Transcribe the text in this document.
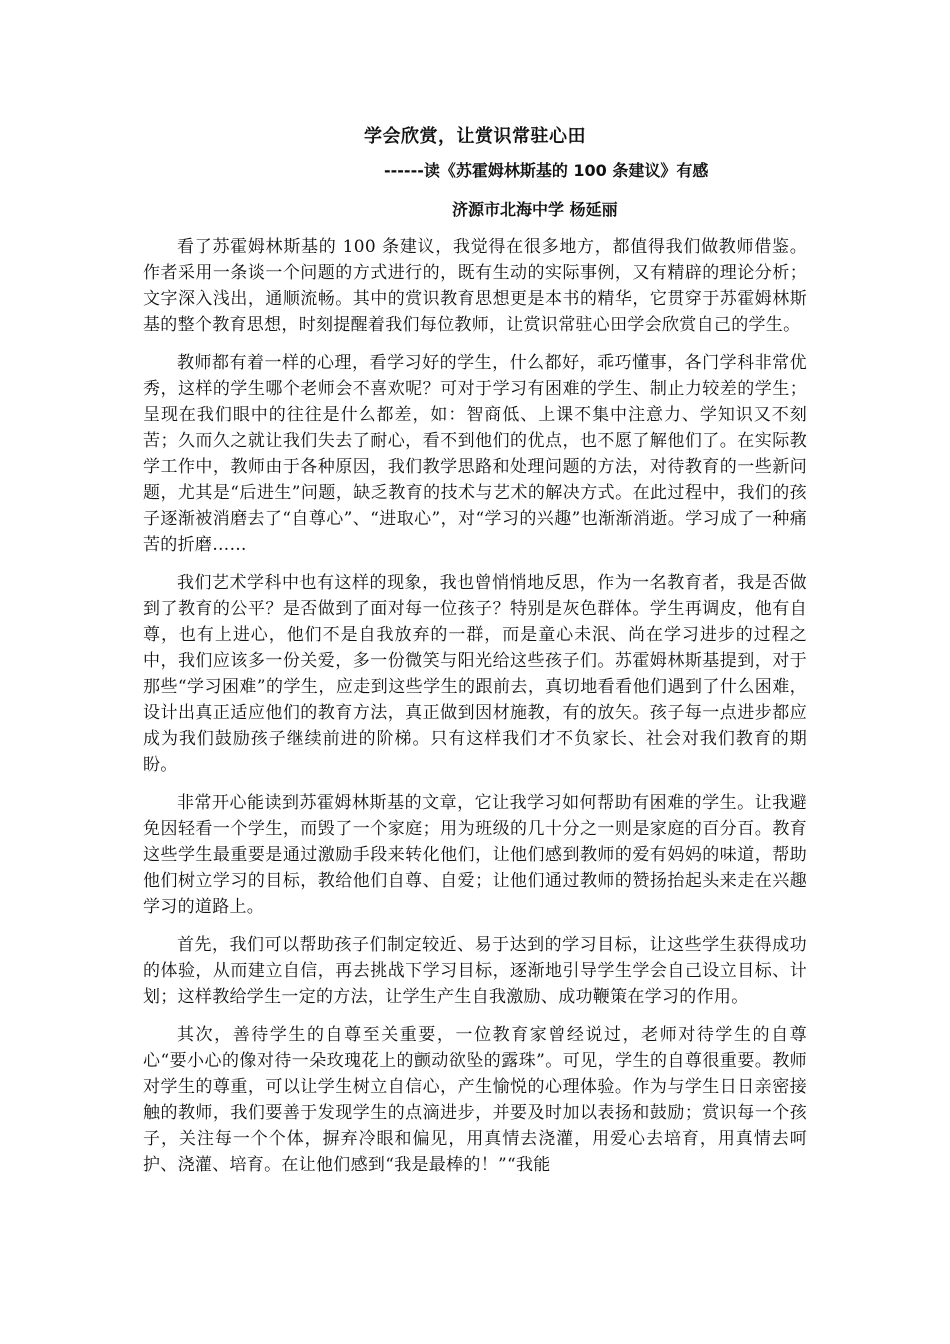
学会欣赏，让赏识常驻心田
------读《苏霍姆林斯基的 100 条建议》有感
济源市北海中学 杨延丽

看了苏霍姆林斯基的 100 条建议，我觉得在很多地方，都值得我们做教师借鉴。作者采用一条谈一个问题的方式进行的，既有生动的实际事例，又有精辟的理论分析；文字深入浅出，通顺流畅。其中的赏识教育思想更是本书的精华，它贯穿于苏霍姆林斯基的整个教育思想，时刻提醒着我们每位教师，让赏识常驻心田学会欣赏自己的学生。

教师都有着一样的心理，看学习好的学生，什么都好，乖巧懂事，各门学科非常优秀，这样的学生哪个老师会不喜欢呢？可对于学习有困难的学生、制止力较差的学生；呈现在我们眼中的往往是什么都差，如：智商低、上课不集中注意力、学知识又不刻苦；久而久之就让我们失去了耐心，看不到他们的优点，也不愿了解他们了。在实际教学工作中，教师由于各种原因，我们教学思路和处理问题的方法，对待教育的一些新问题，尤其是“后进生”问题，缺乏教育的技术与艺术的解决方式。在此过程中，我们的孩子逐渐被消磨去了“自尊心”、“进取心”，对“学习的兴趣”也渐渐消逝。学习成了一种痛苦的折磨……

我们艺术学科中也有这样的现象，我也曾悄悄地反思，作为一名教育者，我是否做到了教育的公平？是否做到了面对每一位孩子？特别是灰色群体。学生再调皮，他有自尊，也有上进心，他们不是自我放弃的一群，而是童心未泯、尚在学习进步的过程之中，我们应该多一份关爱，多一份微笑与阳光给这些孩子们。苏霍姆林斯基提到，对于那些“学习困难”的学生，应走到这些学生的跟前去，真切地看看他们遇到了什么困难，设计出真正适应他们的教育方法，真正做到因材施教，有的放矢。孩子每一点进步都应成为我们鼓励孩子继续前进的阶梯。只有这样我们才不负家长、社会对我们教育的期盼。

非常开心能读到苏霍姆林斯基的文章，它让我学习如何帮助有困难的学生。让我避免因轻看一个学生，而毁了一个家庭；用为班级的几十分之一则是家庭的百分百。教育这些学生最重要是通过激励手段来转化他们，让他们感到教师的爱有妈妈的味道，帮助他们树立学习的目标，教给他们自尊、自爱；让他们通过教师的赞扬抬起头来走在兴趣学习的道路上。

首先，我们可以帮助孩子们制定较近、易于达到的学习目标，让这些学生获得成功的体验，从而建立自信，再去挑战下学习目标，逐渐地引导学生学会自己设立目标、计划；这样教给学生一定的方法，让学生产生自我激励、成功鞭策在学习的作用。

其次，善待学生的自尊至关重要，一位教育家曾经说过，老师对待学生的自尊心“要小心的像对待一朵玫瑰花上的颤动欲坠的露珠”。可见，学生的自尊很重要。教师对学生的尊重，可以让学生树立自信心，产生愉悦的心理体验。作为与学生日日亲密接触的教师，我们要善于发现学生的点滴进步，并要及时加以表扬和鼓励；赏识每一个孩子，关注每一个个体，摒弃冷眼和偏见，用真情去浇灌，用爱心去培育，用真情去呵护、浇灌、培育。在让他们感到“我是最棒的！”“我能
